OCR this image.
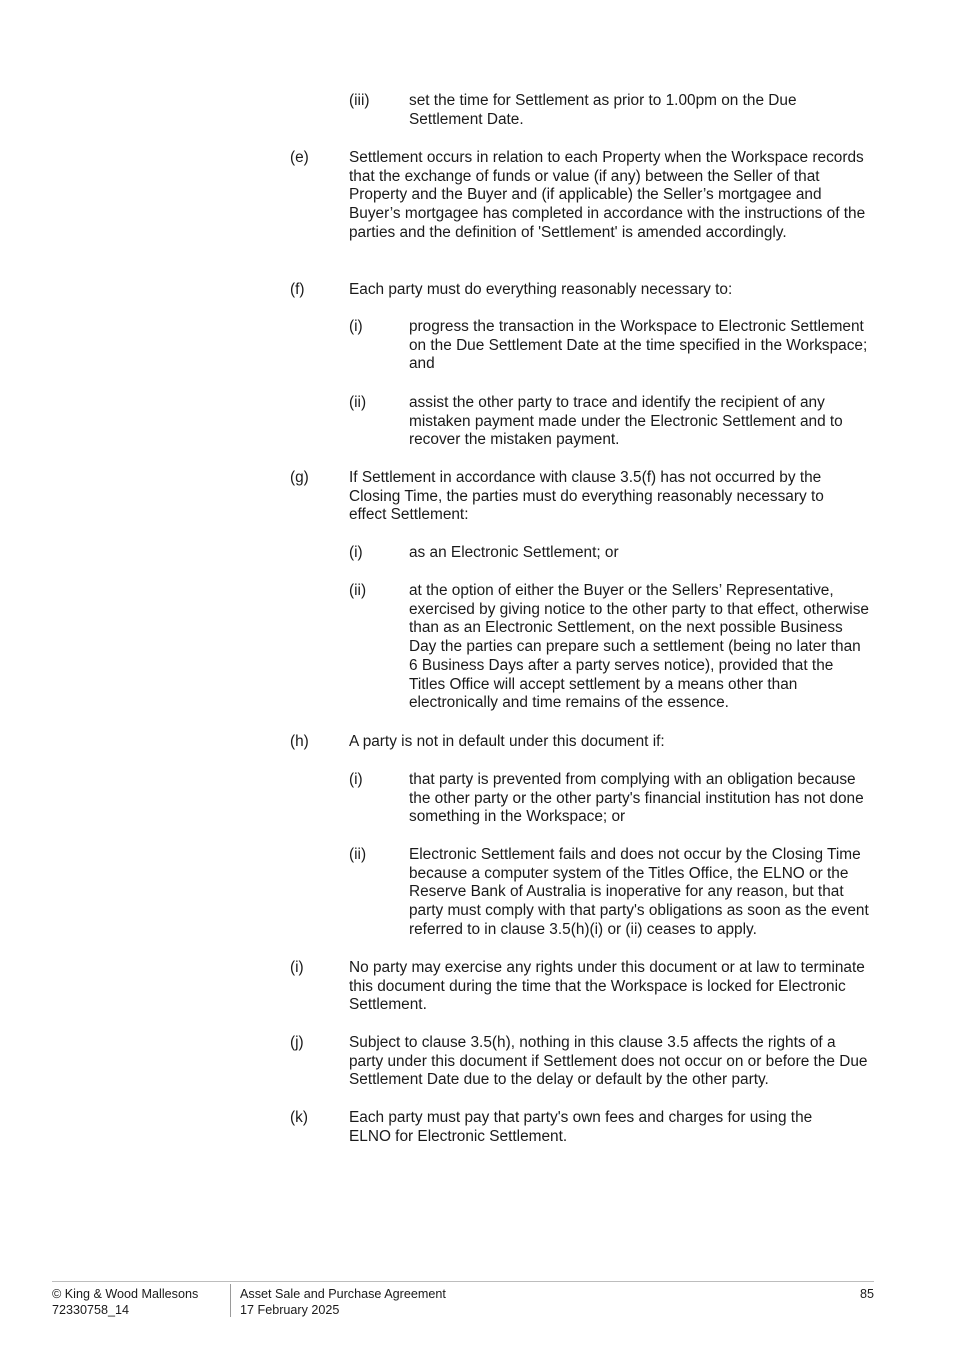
(iii)	set the time for Settlement as prior to 1.00pm on the Due Settlement Date.
(e)	Settlement occurs in relation to each Property when the Workspace records that the exchange of funds or value (if any) between the Seller of that Property and the Buyer and (if applicable) the Seller’s mortgagee and Buyer’s mortgagee has completed in accordance with the instructions of the parties and the definition of 'Settlement' is amended accordingly.
(f)	Each party must do everything reasonably necessary to:
(i)	progress the transaction in the Workspace to Electronic Settlement on the Due Settlement Date at the time specified in the Workspace; and
(ii)	assist the other party to trace and identify the recipient of any mistaken payment made under the Electronic Settlement and to recover the mistaken payment.
(g)	If Settlement in accordance with clause 3.5(f) has not occurred by the Closing Time, the parties must do everything reasonably necessary to effect Settlement:
(i)	as an Electronic Settlement; or
(ii)	at the option of either the Buyer or the Sellers’ Representative, exercised by giving notice to the other party to that effect, otherwise than as an Electronic Settlement, on the next possible Business Day the parties can prepare such a settlement (being no later than 6 Business Days after a party serves notice), provided that the Titles Office will accept settlement by a means other than electronically and time remains of the essence.
(h)	A party is not in default under this document if:
(i)	that party is prevented from complying with an obligation because the other party or the other party's financial institution has not done something in the Workspace; or
(ii)	Electronic Settlement fails and does not occur by the Closing Time because a computer system of the Titles Office, the ELNO or the Reserve Bank of Australia is inoperative for any reason, but that party must comply with that party's obligations as soon as the event referred to in clause 3.5(h)(i) or (ii) ceases to apply.
(i)	No party may exercise any rights under this document or at law to terminate this document during the time that the Workspace is locked for Electronic Settlement.
(j)	Subject to clause 3.5(h), nothing in this clause 3.5 affects the rights of a party under this document if Settlement does not occur on or before the Due Settlement Date due to the delay or default by the other party.
(k)	Each party must pay that party's own fees and charges for using the ELNO for Electronic Settlement.
© King & Wood Mallesons
72330758_14
Asset Sale and Purchase Agreement
17 February 2025
85
